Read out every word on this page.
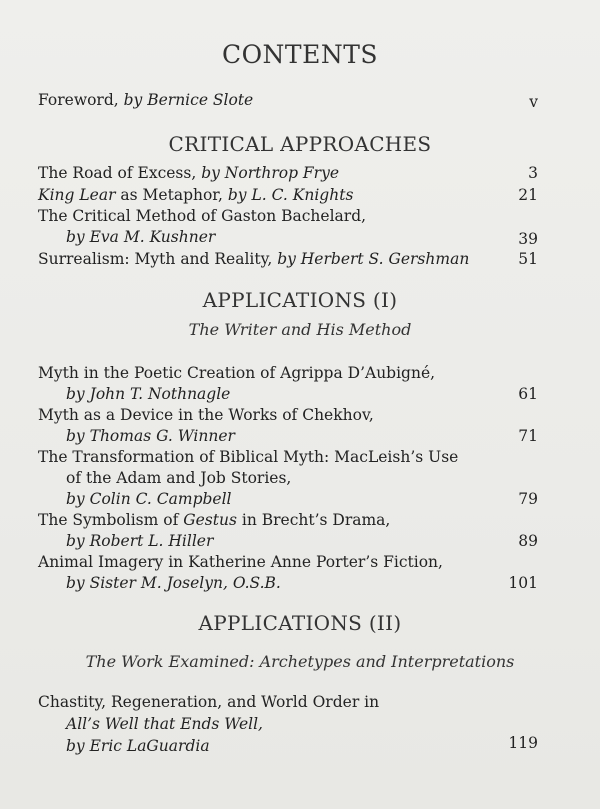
CONTENTS
Foreword, by Bernice Slote	v
CRITICAL APPROACHES
The Road of Excess, by Northrop Frye	3
King Lear as Metaphor, by L. C. Knights	21
The Critical Method of Gaston Bachelard,
by Eva M. Kushner	39
Surrealism: Myth and Reality, by Herbert S. Gershman	51
APPLICATIONS (I)
The Writer and His Method
Myth in the Poetic Creation of Agrippa D’Aubigné,
by John T. Nothnagle	61
Myth as a Device in the Works of Chekhov,
by Thomas G. Winner	71
The Transformation of Biblical Myth: MacLeish’s Use
of the Adam and Job Stories,
by Colin C. Campbell	79
The Symbolism of Gestus in Brecht’s Drama,
by Robert L. Hiller	89
Animal Imagery in Katherine Anne Porter’s Fiction,
by Sister M. Joselyn, O.S.B.	101
APPLICATIONS (II)
The Work Examined: Archetypes and Interpretations
Chastity, Regeneration, and World Order in
All’s Well that Ends Well,
by Eric LaGuardia	119
